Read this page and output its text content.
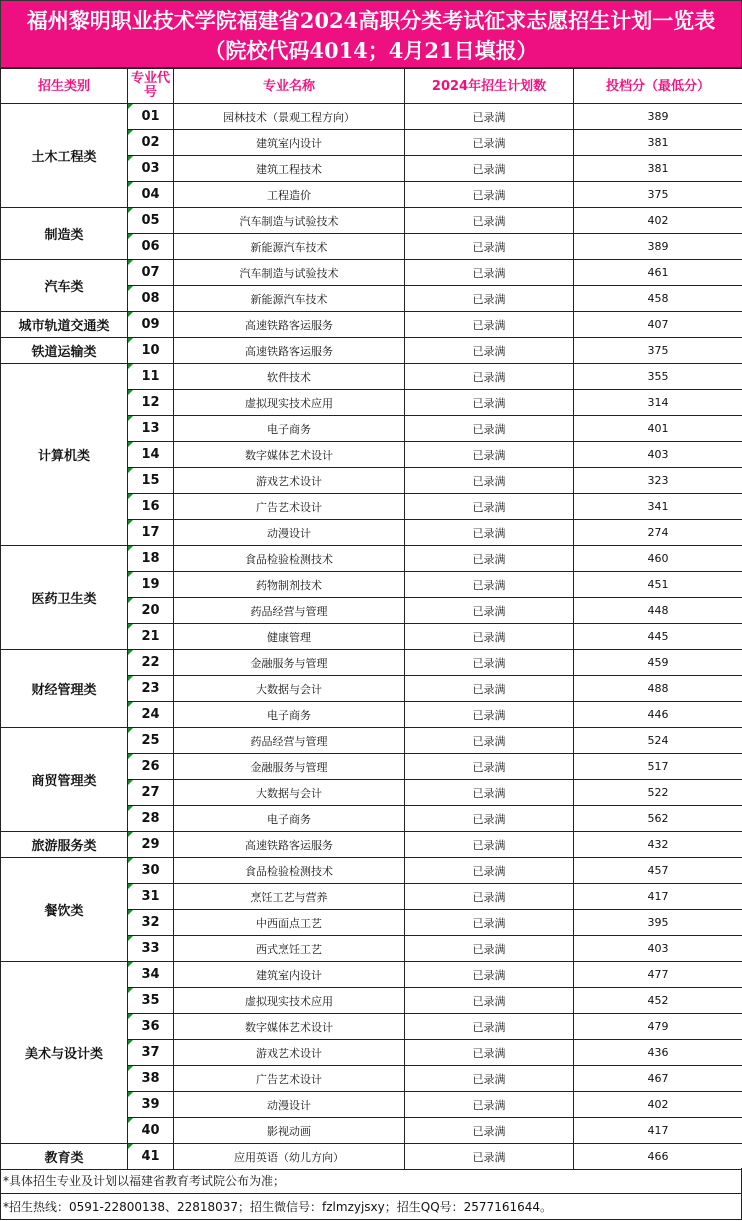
福州黎明职业技术学院福建省2024高职分类考试征求志愿招生计划一览表
（院校代码4014；4月21日填报）
招生类别	专业代号	专业名称	2024年招生计划数	投档分（最低分）
土木工程类	01	园林技术（景观工程方向）	已录满	389
	02	建筑室内设计	已录满	381
	03	建筑工程技术	已录满	381
	04	工程造价	已录满	375
制造类	05	汽车制造与试验技术	已录满	402
	06	新能源汽车技术	已录满	389
汽车类	07	汽车制造与试验技术	已录满	461
	08	新能源汽车技术	已录满	458
城市轨道交通类	09	高速铁路客运服务	已录满	407
铁道运输类	10	高速铁路客运服务	已录满	375
计算机类	11	软件技术	已录满	355
	12	虚拟现实技术应用	已录满	314
	13	电子商务	已录满	401
	14	数字媒体艺术设计	已录满	403
	15	游戏艺术设计	已录满	323
	16	广告艺术设计	已录满	341
	17	动漫设计	已录满	274
医药卫生类	18	食品检验检测技术	已录满	460
	19	药物制剂技术	已录满	451
	20	药品经营与管理	已录满	448
	21	健康管理	已录满	445
财经管理类	22	金融服务与管理	已录满	459
	23	大数据与会计	已录满	488
	24	电子商务	已录满	446
商贸管理类	25	药品经营与管理	已录满	524
	26	金融服务与管理	已录满	517
	27	大数据与会计	已录满	522
	28	电子商务	已录满	562
旅游服务类	29	高速铁路客运服务	已录满	432
餐饮类	30	食品检验检测技术	已录满	457
	31	烹饪工艺与营养	已录满	417
	32	中西面点工艺	已录满	395
	33	西式烹饪工艺	已录满	403
美术与设计类	34	建筑室内设计	已录满	477
	35	虚拟现实技术应用	已录满	452
	36	数字媒体艺术设计	已录满	479
	37	游戏艺术设计	已录满	436
	38	广告艺术设计	已录满	467
	39	动漫设计	已录满	402
	40	影视动画	已录满	417
教育类	41	应用英语（幼儿方向）	已录满	466
*具体招生专业及计划以福建省教育考试院公布为准；
*招生热线：0591-22800138、22818037；招生微信号：fzlmzyjsxy；招生QQ号：2577161644。
